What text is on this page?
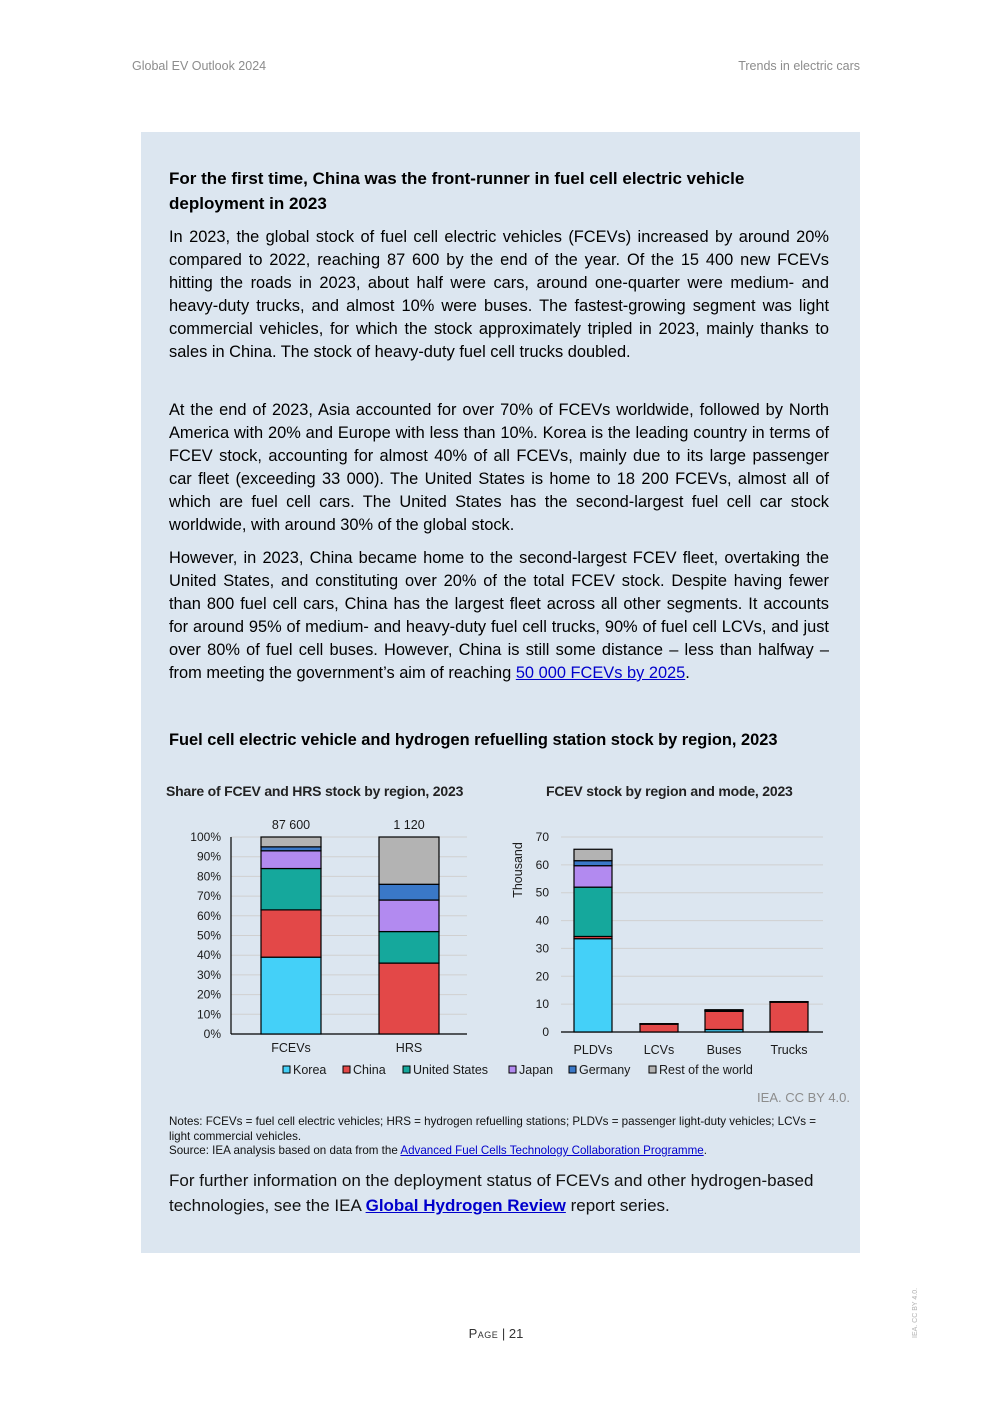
Global EV Outlook 2024	Trends in electric cars
For the first time, China was the front-runner in fuel cell electric vehicle deployment in 2023

In 2023, the global stock of fuel cell electric vehicles (FCEVs) increased by around 20% compared to 2022, reaching 87 600 by the end of the year. Of the 15 400 new FCEVs hitting the roads in 2023, about half were cars, around one-quarter were medium- and heavy-duty trucks, and almost 10% were buses. The fastest-growing segment was light commercial vehicles, for which the stock approximately tripled in 2023, mainly thanks to sales in China. The stock of heavy-duty fuel cell trucks doubled.

At the end of 2023, Asia accounted for over 70% of FCEVs worldwide, followed by North America with 20% and Europe with less than 10%. Korea is the leading country in terms of FCEV stock, accounting for almost 40% of all FCEVs, mainly due to its large passenger car fleet (exceeding 33 000). The United States is home to 18 200 FCEVs, almost all of which are fuel cell cars. The United States has the second-largest fuel cell car stock worldwide, with around 30% of the global stock.

However, in 2023, China became home to the second-largest FCEV fleet, overtaking the United States, and constituting over 20% of the total FCEV stock. Despite having fewer than 800 fuel cell cars, China has the largest fleet across all other segments. It accounts for around 95% of medium- and heavy-duty fuel cell trucks, 90% of fuel cell LCVs, and just over 80% of fuel cell buses. However, China is still some distance – less than halfway – from meeting the government’s aim of reaching 50 000 FCEVs by 2025.

Fuel cell electric vehicle and hydrogen refuelling station stock by region, 2023
Share of FCEV and HRS stock by region, 2023	FCEV stock by region and mode, 2023
0%
10%
20%
30%
40%
50%
60%
70%
80%
90%
100%
FCEVs
87 600
HRS
1 120
0
10
20
30
40
50
60
70
Thousand
PLDVs	LCVs	Buses Trucks
Korea China United States Japan Germany Rest of the world
IEA. CC BY 4.0.
Notes: FCEVs = fuel cell electric vehicles; HRS = hydrogen refuelling stations; PLDVs = passenger light-duty vehicles; LCVs = light commercial vehicles.
Source: IEA analysis based on data from the Advanced Fuel Cells Technology Collaboration Programme.
For further information on the deployment status of FCEVs and other hydrogen-based technologies, see the IEA Global Hydrogen Review report series.
Page | 21	IEA. CC BY 4.0.
